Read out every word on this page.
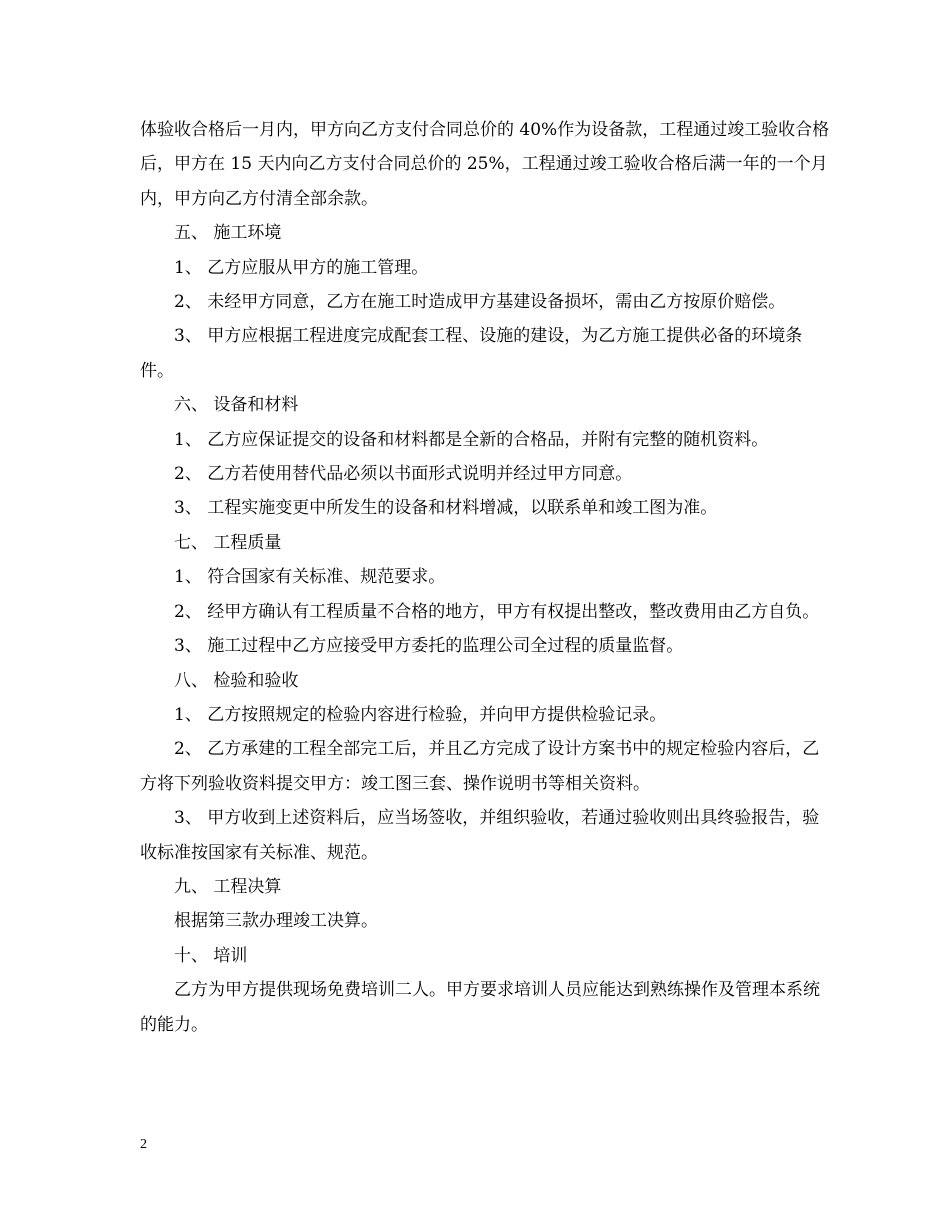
体验收合格后一月内，甲方向乙方支付合同总价的 40%作为设备款，工程通过竣工验收合格后，甲方在 15 天内向乙方支付合同总价的 25%，工程通过竣工验收合格后满一年的一个月内，甲方向乙方付清全部余款。

五、 施工环境

1、 乙方应服从甲方的施工管理。

2、 未经甲方同意，乙方在施工时造成甲方基建设备损坏，需由乙方按原价赔偿。

3、 甲方应根据工程进度完成配套工程、设施的建设，为乙方施工提供必备的环境条件。

六、 设备和材料

1、 乙方应保证提交的设备和材料都是全新的合格品，并附有完整的随机资料。

2、 乙方若使用替代品必须以书面形式说明并经过甲方同意。

3、 工程实施变更中所发生的设备和材料增减，以联系单和竣工图为准。

七、 工程质量

1、 符合国家有关标准、规范要求。

2、 经甲方确认有工程质量不合格的地方，甲方有权提出整改，整改费用由乙方自负。

3、 施工过程中乙方应接受甲方委托的监理公司全过程的质量监督。

八、 检验和验收

1、 乙方按照规定的检验内容进行检验，并向甲方提供检验记录。

2、 乙方承建的工程全部完工后，并且乙方完成了设计方案书中的规定检验内容后，乙方将下列验收资料提交甲方：竣工图三套、操作说明书等相关资料。

3、 甲方收到上述资料后，应当场签收，并组织验收，若通过验收则出具终验报告，验收标准按国家有关标准、规范。

九、 工程决算

根据第三款办理竣工决算。

十、 培训

乙方为甲方提供现场免费培训二人。甲方要求培训人员应能达到熟练操作及管理本系统的能力。

2
